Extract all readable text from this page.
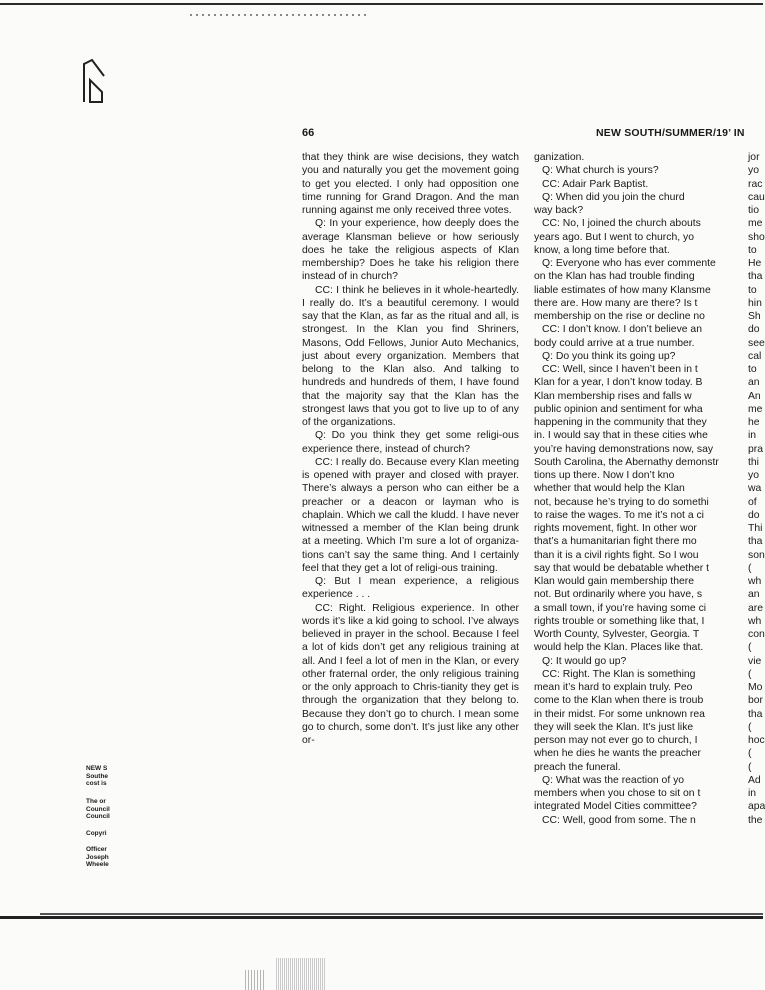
66	NEW SOUTH/SUMMER/19’ IN

that they think are wise decisions, they watch you and naturally you get the movement going to get you elected. I only had opposition one time running for Grand Dragon. And the man running against me only received three votes.

Q: In your experience, how deeply does the average Klansman believe or how seriously does he take the religious aspects of Klan membership? Does he take his religion there instead of in church?

CC: I think he believes in it whole-heartedly. I really do. It’s a beautiful ceremony. I would say that the Klan, as far as the ritual and all, is strongest. In the Klan you find Shriners, Masons, Odd Fellows, Junior Auto Mechanics, just about every organization. Members that belong to the Klan also. And talking to hundreds and hundreds of them, I have found that the majority say that the Klan has the strongest laws that you got to live up to of any of the organizations.

Q: Do you think they get some religi-ous experience there, instead of church?

CC: I really do. Because every Klan meeting is opened with prayer and closed with prayer. There’s always a person who can either be a preacher or a deacon or layman who is chaplain. Which we call the kludd. I have never witnessed a member of the Klan being drunk at a meeting. Which I’m sure a lot of organiza-tions can’t say the same thing. And I certainly feel that they get a lot of religi-ous training.

Q: But I mean experience, a religious experience . . .

CC: Right. Religious experience. In other words it’s like a kid going to school. I’ve always believed in prayer in the school. Because I feel a lot of kids don’t get any religious training at all. And I feel a lot of men in the Klan, or every other fraternal order, the only religious training or the only approach to Chris-tianity they get is through the organization that they belong to. Because they don’t go to church. I mean some go to church, some don’t. It’s just like any other or-

ganization.

Q: What church is yours?

CC: Adair Park Baptist.

Q: When did you join the churd

way back?

CC: No, I joined the church abouts

years ago. But I went to church, yo

know, a long time before that.

Q: Everyone who has ever commente

on the Klan has had trouble finding

liable estimates of how many Klansme

there are. How many are there? Is t

membership on the rise or decline no

CC: I don’t know. I don’t believe an

body could arrive at a true number.

Q: Do you think its going up?

CC: Well, since I haven’t been in t

Klan for a year, I don’t know today. B

Klan membership rises and falls w

public opinion and sentiment for wha

happening in the community that they

in. I would say that in these cities whe

you’re having demonstrations now, say

South Carolina, the Abernathy demonstr

tions up there. Now I don’t kno

whether that would help the Klan

not, because he’s trying to do somethi

to raise the wages. To me it’s not a ci

rights movement, fight. In other wor

that’s a humanitarian fight there mo

than it is a civil rights fight. So I wou

say that would be debatable whether t

Klan would gain membership there

not. But ordinarily where you have, s

a small town, if you’re having some ci

rights trouble or something like that, I

Worth County, Sylvester, Georgia. T

would help the Klan. Places like that.

Q: It would go up?

CC: Right. The Klan is something

mean it’s hard to explain truly. Peo

come to the Klan when there is troub

in their midst. For some unknown rea

they will seek the Klan. It’s just like

person may not ever go to church, I

when he dies he wants the preacher

preach the funeral.

Q: What was the reaction of yo

members when you chose to sit on t

integrated Model Cities committee?

CC: Well, good from some. The n

jor

yo

rac

cau

tio

me

sho

to

He

tha

to

hin

Sh

do

see

cal

to

an

An

me

he

in

pra

thi

yo

wa

of

do

Thi

tha

son

(

wh

an

are

wh

con

(

vie

(

Mo

bor

tha

(

hoc

(

(

Ad

in

apa

the

NEW S
Southe
cost is
The or
Council
Council
Copyri
Officer
Joseph
Wheele
